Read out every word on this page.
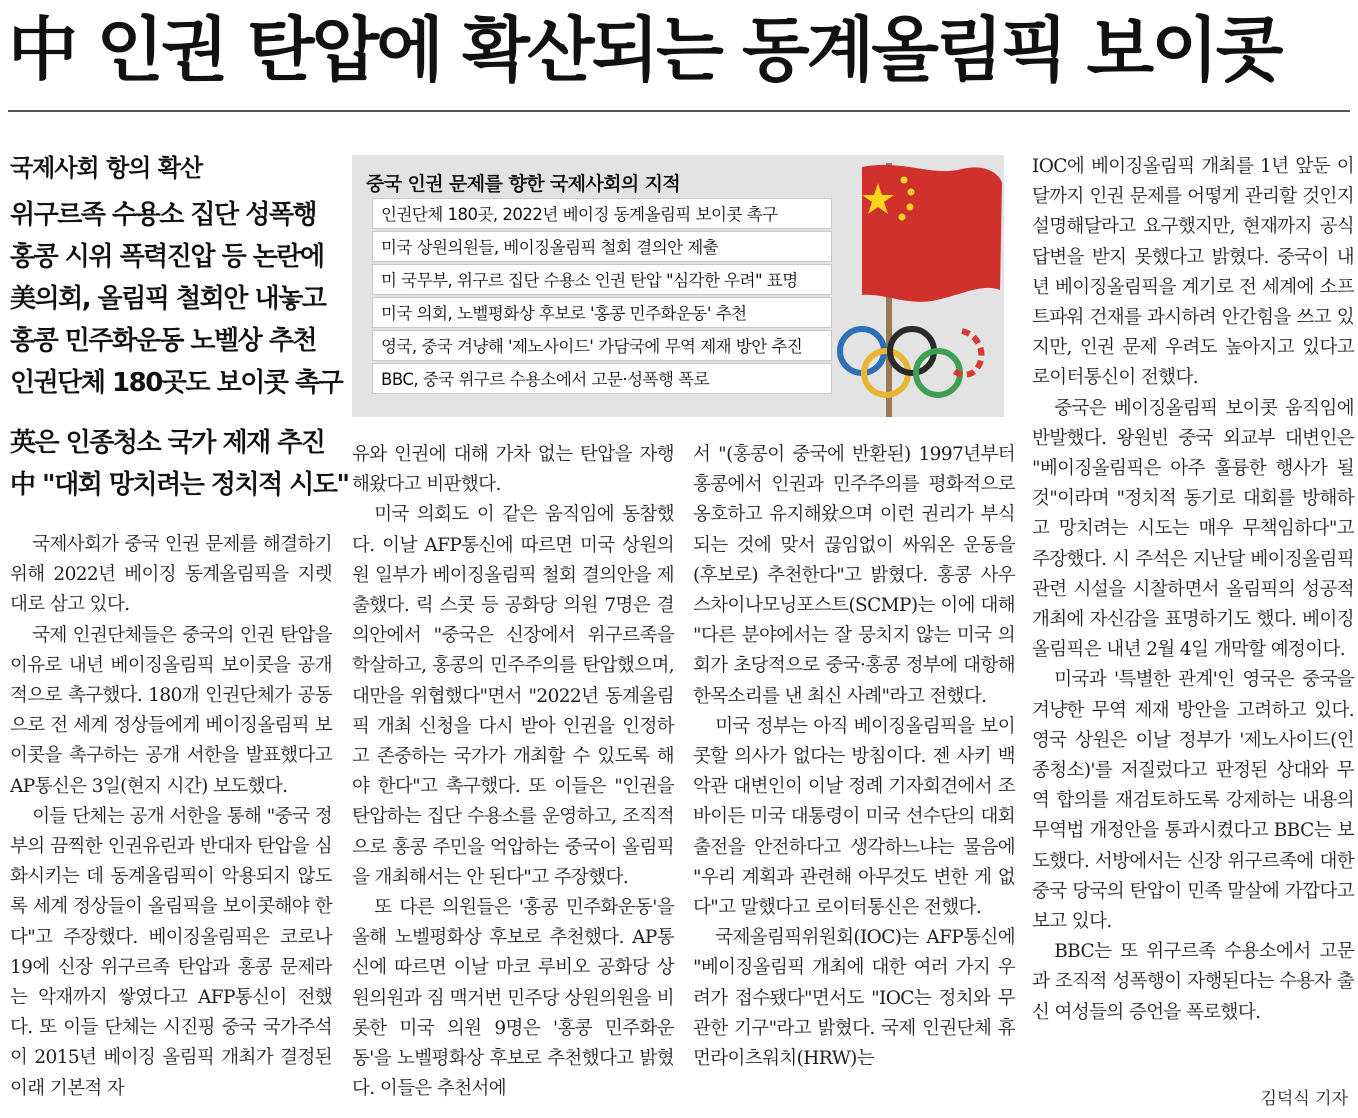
中 인권 탄압에 확산되는 동계올림픽 보이콧
국제사회 항의 확산
위구르족 수용소 집단 성폭행
홍콩 시위 폭력진압 등 논란에
美의회, 올림픽 철회안 내놓고
홍콩 민주화운동 노벨상 추천
인권단체 180곳도 보이콧 촉구
英은 인종청소 국가 제재 추진
中 "대회 망치려는 정치적 시도"
중국 인권 문제를 향한 국제사회의 지적
인권단체 180곳, 2022년 베이징 동계올림픽 보이콧 촉구
미국 상원의원들, 베이징올림픽 철회 결의안 제출
미 국무부, 위구르 집단 수용소 인권 탄압 "심각한 우려" 표명
미국 의회, 노벨평화상 후보로 '홍콩 민주화운동' 추천
영국, 중국 겨냥해 '제노사이드' 가담국에 무역 제재 방안 추진
BBC, 중국 위구르 수용소에서 고문·성폭행 폭로

국제사회가 중국 인권 문제를 해결하기 위해 2022년 베이징 동계올림픽을 지렛대로 삼고 있다.

국제 인권단체들은 중국의 인권 탄압을 이유로 내년 베이징올림픽 보이콧을 공개적으로 촉구했다. 180개 인권단체가 공동으로 전 세계 정상들에게 베이징올림픽 보이콧을 촉구하는 공개 서한을 발표했다고 AP통신은 3일(현지 시간) 보도했다.

이들 단체는 공개 서한을 통해 "중국 정부의 끔찍한 인권유린과 반대자 탄압을 심화시키는 데 동계올림픽이 악용되지 않도록 세계 정상들이 올림픽을 보이콧해야 한다"고 주장했다. 베이징올림픽은 코로나19에 신장 위구르족 탄압과 홍콩 문제라는 악재까지 쌓였다고 AFP통신이 전했다. 또 이들 단체는 시진핑 중국 국가주석이 2015년 베이징 올림픽 개최가 결정된 이래 기본적 자

유와 인권에 대해 가차 없는 탄압을 자행해왔다고 비판했다.

미국 의회도 이 같은 움직임에 동참했다. 이날 AFP통신에 따르면 미국 상원의원 일부가 베이징올림픽 철회 결의안을 제출했다. 릭 스콧 등 공화당 의원 7명은 결의안에서 "중국은 신장에서 위구르족을 학살하고, 홍콩의 민주주의를 탄압했으며, 대만을 위협했다"면서 "2022년 동계올림픽 개최 신청을 다시 받아 인권을 인정하고 존중하는 국가가 개최할 수 있도록 해야 한다"고 촉구했다. 또 이들은 "인권을 탄압하는 집단 수용소를 운영하고, 조직적으로 홍콩 주민을 억압하는 중국이 올림픽을 개최해서는 안 된다"고 주장했다.

또 다른 의원들은 '홍콩 민주화운동'을 올해 노벨평화상 후보로 추천했다. AP통신에 따르면 이날 마코 루비오 공화당 상원의원과 짐 맥거번 민주당 상원의원을 비롯한 미국 의원 9명은 '홍콩 민주화운동'을 노벨평화상 후보로 추천했다고 밝혔다. 이들은 추천서에

서 "(홍콩이 중국에 반환된) 1997년부터 홍콩에서 인권과 민주주의를 평화적으로 옹호하고 유지해왔으며 이런 권리가 부식되는 것에 맞서 끊임없이 싸워온 운동을 (후보로) 추천한다"고 밝혔다. 홍콩 사우스차이나모닝포스트(SCMP)는 이에 대해 "다른 분야에서는 잘 뭉치지 않는 미국 의회가 초당적으로 중국·홍콩 정부에 대항해 한목소리를 낸 최신 사례"라고 전했다.

미국 정부는 아직 베이징올림픽을 보이콧할 의사가 없다는 방침이다. 젠 사키 백악관 대변인이 이날 정례 기자회견에서 조 바이든 미국 대통령이 미국 선수단의 대회 출전을 안전하다고 생각하느냐는 물음에 "우리 계획과 관련해 아무것도 변한 게 없다"고 말했다고 로이터통신은 전했다.

국제올림픽위원회(IOC)는 AFP통신에 "베이징올림픽 개최에 대한 여러 가지 우려가 접수됐다"면서도 "IOC는 정치와 무관한 기구"라고 밝혔다. 국제 인권단체 휴먼라이츠워치(HRW)는

IOC에 베이징올림픽 개최를 1년 앞둔 이달까지 인권 문제를 어떻게 관리할 것인지 설명해달라고 요구했지만, 현재까지 공식 답변을 받지 못했다고 밝혔다. 중국이 내년 베이징올림픽을 계기로 전 세계에 소프트파워 건재를 과시하려 안간힘을 쓰고 있지만, 인권 문제 우려도 높아지고 있다고 로이터통신이 전했다.

중국은 베이징올림픽 보이콧 움직임에 반발했다. 왕원빈 중국 외교부 대변인은 "베이징올림픽은 아주 훌륭한 행사가 될 것"이라며 "정치적 동기로 대회를 방해하고 망치려는 시도는 매우 무책임하다"고 주장했다. 시 주석은 지난달 베이징올림픽 관련 시설을 시찰하면서 올림픽의 성공적 개최에 자신감을 표명하기도 했다. 베이징올림픽은 내년 2월 4일 개막할 예정이다.

미국과 '특별한 관계'인 영국은 중국을 겨냥한 무역 제재 방안을 고려하고 있다. 영국 상원은 이날 정부가 '제노사이드(인종청소)'를 저질렀다고 판정된 상대와 무역 합의를 재검토하도록 강제하는 내용의 무역법 개정안을 통과시켰다고 BBC는 보도했다. 서방에서는 신장 위구르족에 대한 중국 당국의 탄압이 민족 말살에 가깝다고 보고 있다.

BBC는 또 위구르족 수용소에서 고문과 조직적 성폭행이 자행된다는 수용자 출신 여성들의 증언을 폭로했다.

김덕식 기자
